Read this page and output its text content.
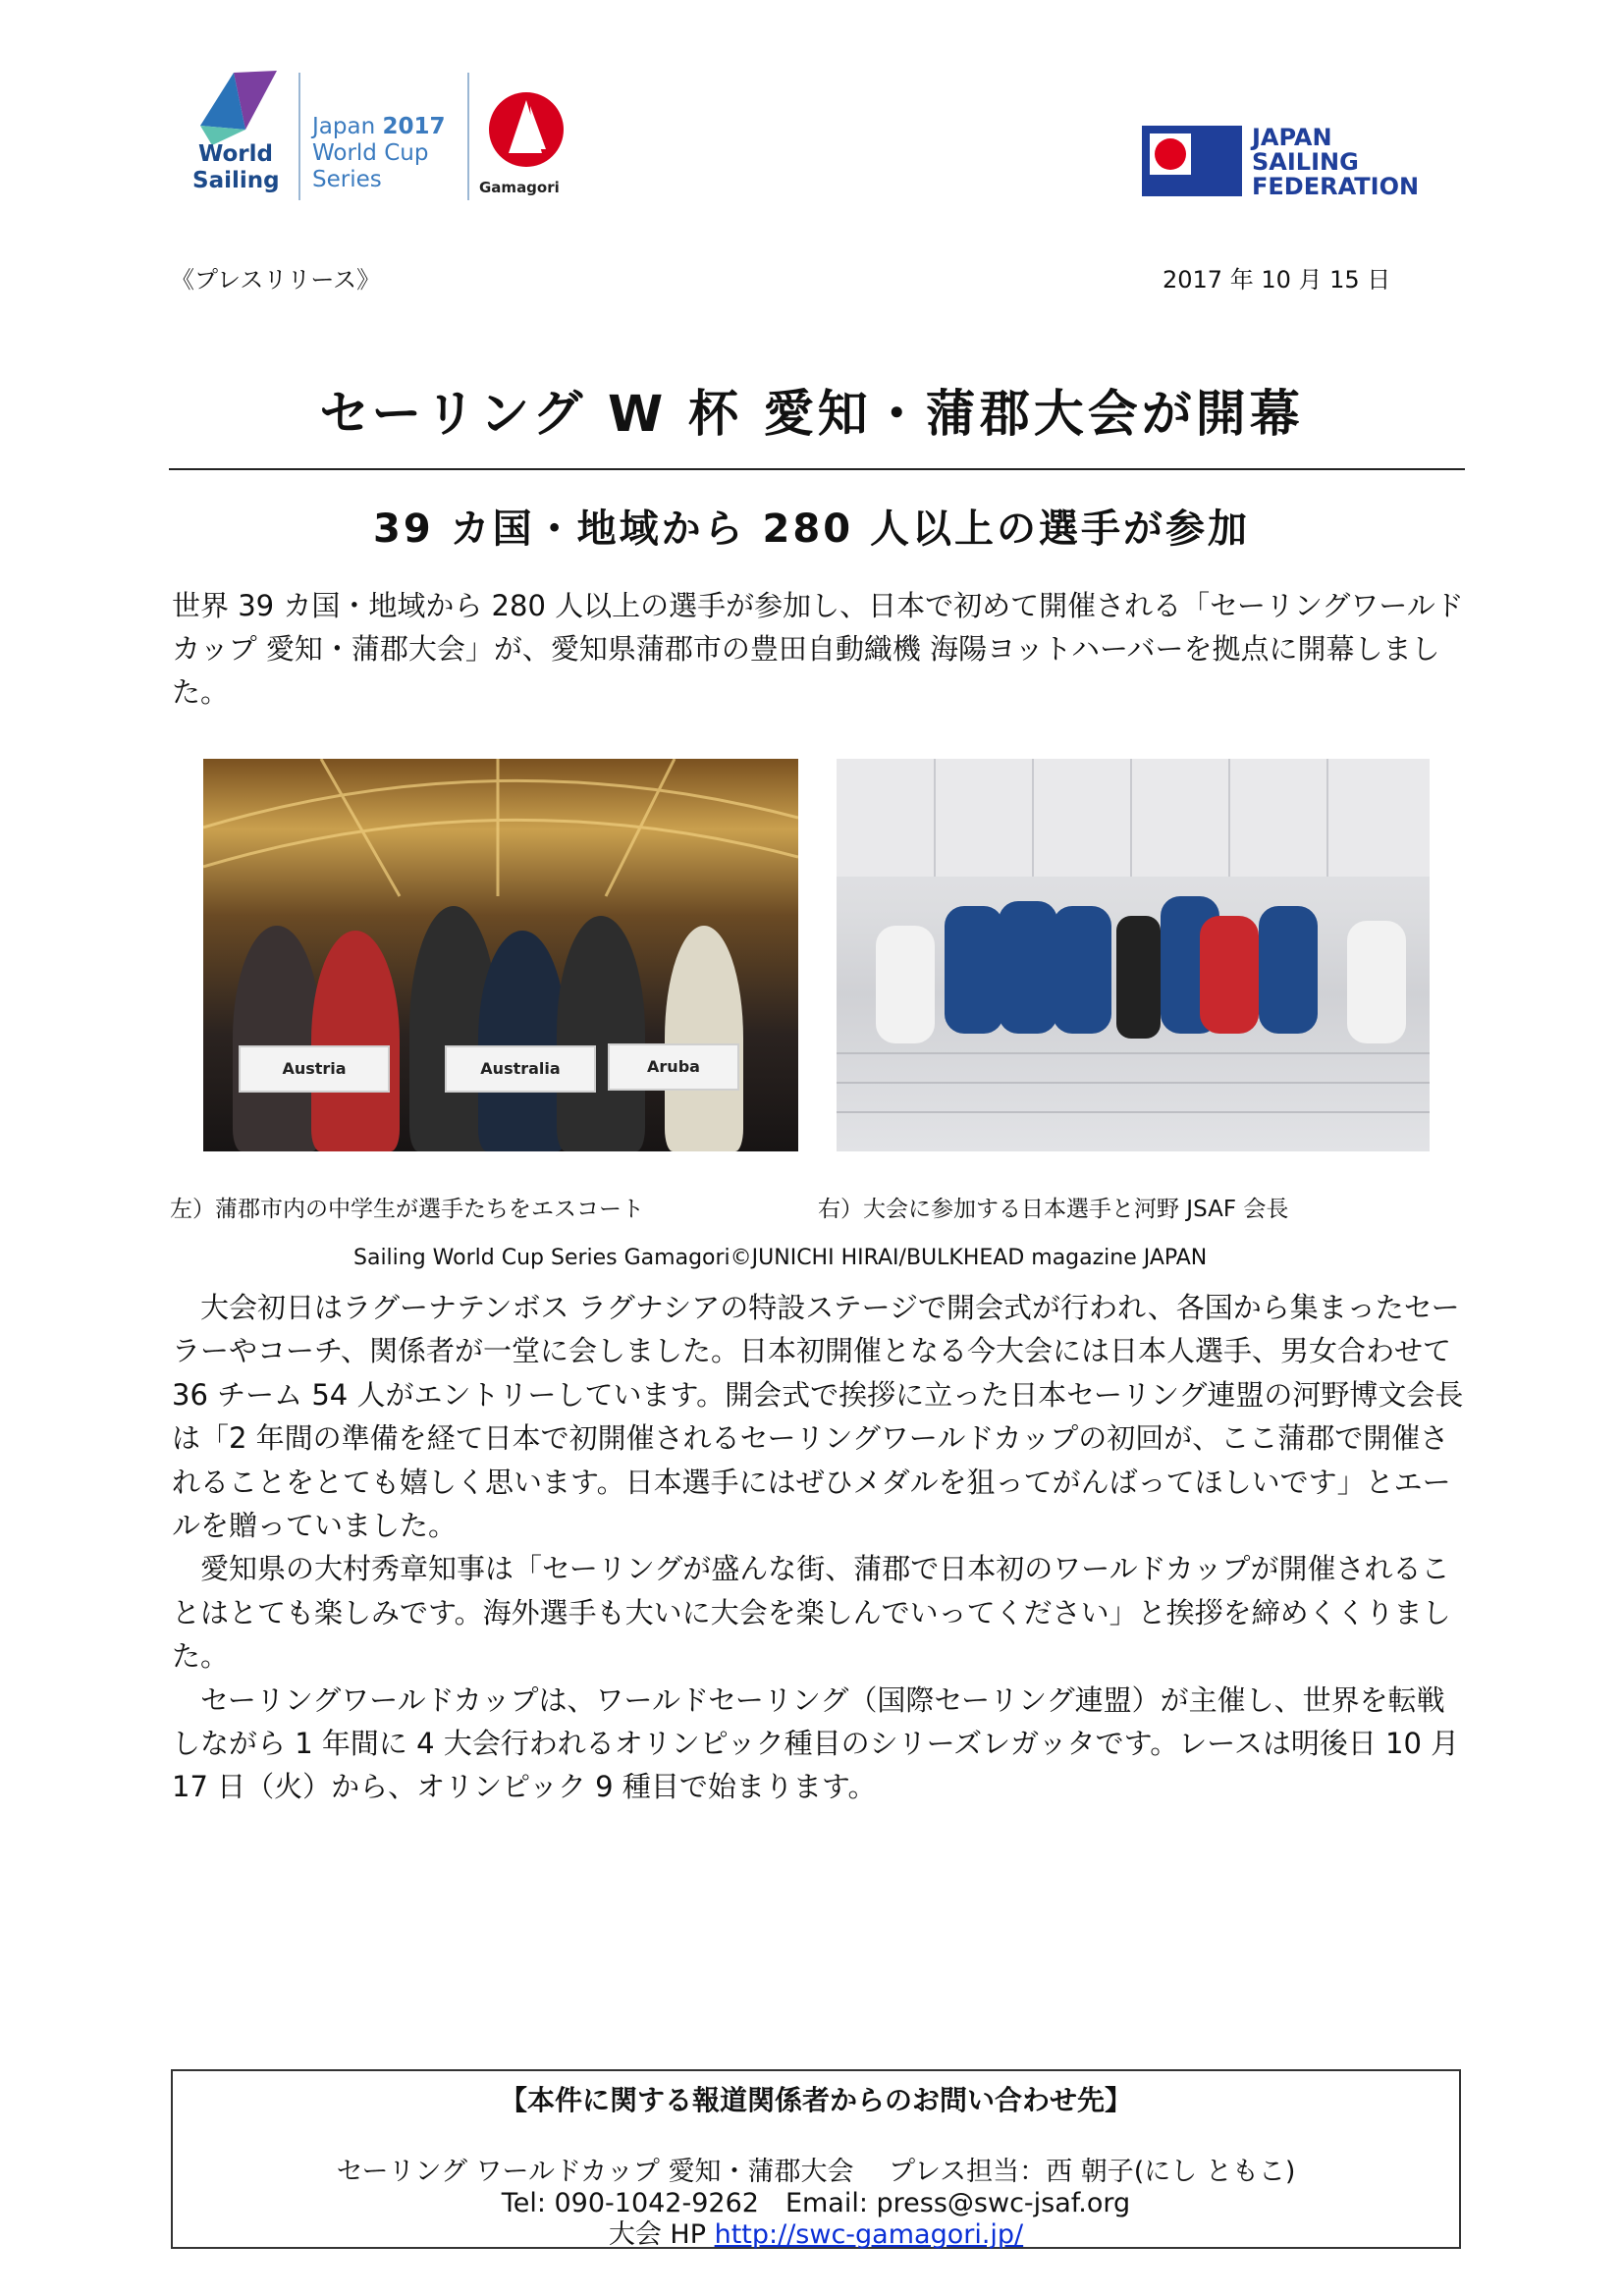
World
Sailing
Japan 2017
World Cup
Series	Gamagori
JAPAN
SAILING
FEDERATION
《プレスリリース》	2017 年 10 月 15 日
セーリング W 杯 愛知・蒲郡大会が開幕
39 カ国・地域から 280 人以上の選手が参加
世界 39 カ国・地域から 280 人以上の選手が参加し、日本で初めて開催される「セーリングワールドカップ 愛知・蒲郡大会」が、愛知県蒲郡市の豊田自動織機 海陽ヨットハーバーを拠点に開幕しました。
Austria	Australia	Aruba
左）蒲郡市内の中学生が選手たちをエスコート	右）大会に参加する日本選手と河野 JSAF 会長
Sailing World Cup Series Gamagori©JUNICHI HIRAI/BULKHEAD magazine JAPAN

大会初日はラグーナテンボス ラグナシアの特設ステージで開会式が行われ、各国から集まったセーラーやコーチ、関係者が一堂に会しました。日本初開催となる今大会には日本人選手、男女合わせて 36 チーム 54 人がエントリーしています。開会式で挨拶に立った日本セーリング連盟の河野博文会長は「2 年間の準備を経て日本で初開催されるセーリングワールドカップの初回が、ここ蒲郡で開催されることをとても嬉しく思います。日本選手にはぜひメダルを狙ってがんばってほしいです」とエールを贈っていました。

愛知県の大村秀章知事は「セーリングが盛んな街、蒲郡で日本初のワールドカップが開催されることはとても楽しみです。海外選手も大いに大会を楽しんでいってください」と挨拶を締めくくりました。

セーリングワールドカップは、ワールドセーリング（国際セーリング連盟）が主催し、世界を転戦しながら 1 年間に 4 大会行われるオリンピック種目のシリーズレガッタです。レースは明後日 10 月 17 日（火）から、オリンピック 9 種目で始まります。

【本件に関する報道関係者からのお問い合わせ先】
セーリング ワールドカップ 愛知・蒲郡大会　 プレス担当：西 朝子(にし ともこ)
Tel: 090-1042-9262　Email: press@swc-jsaf.org
大会 HP http://swc-gamagori.jp/
